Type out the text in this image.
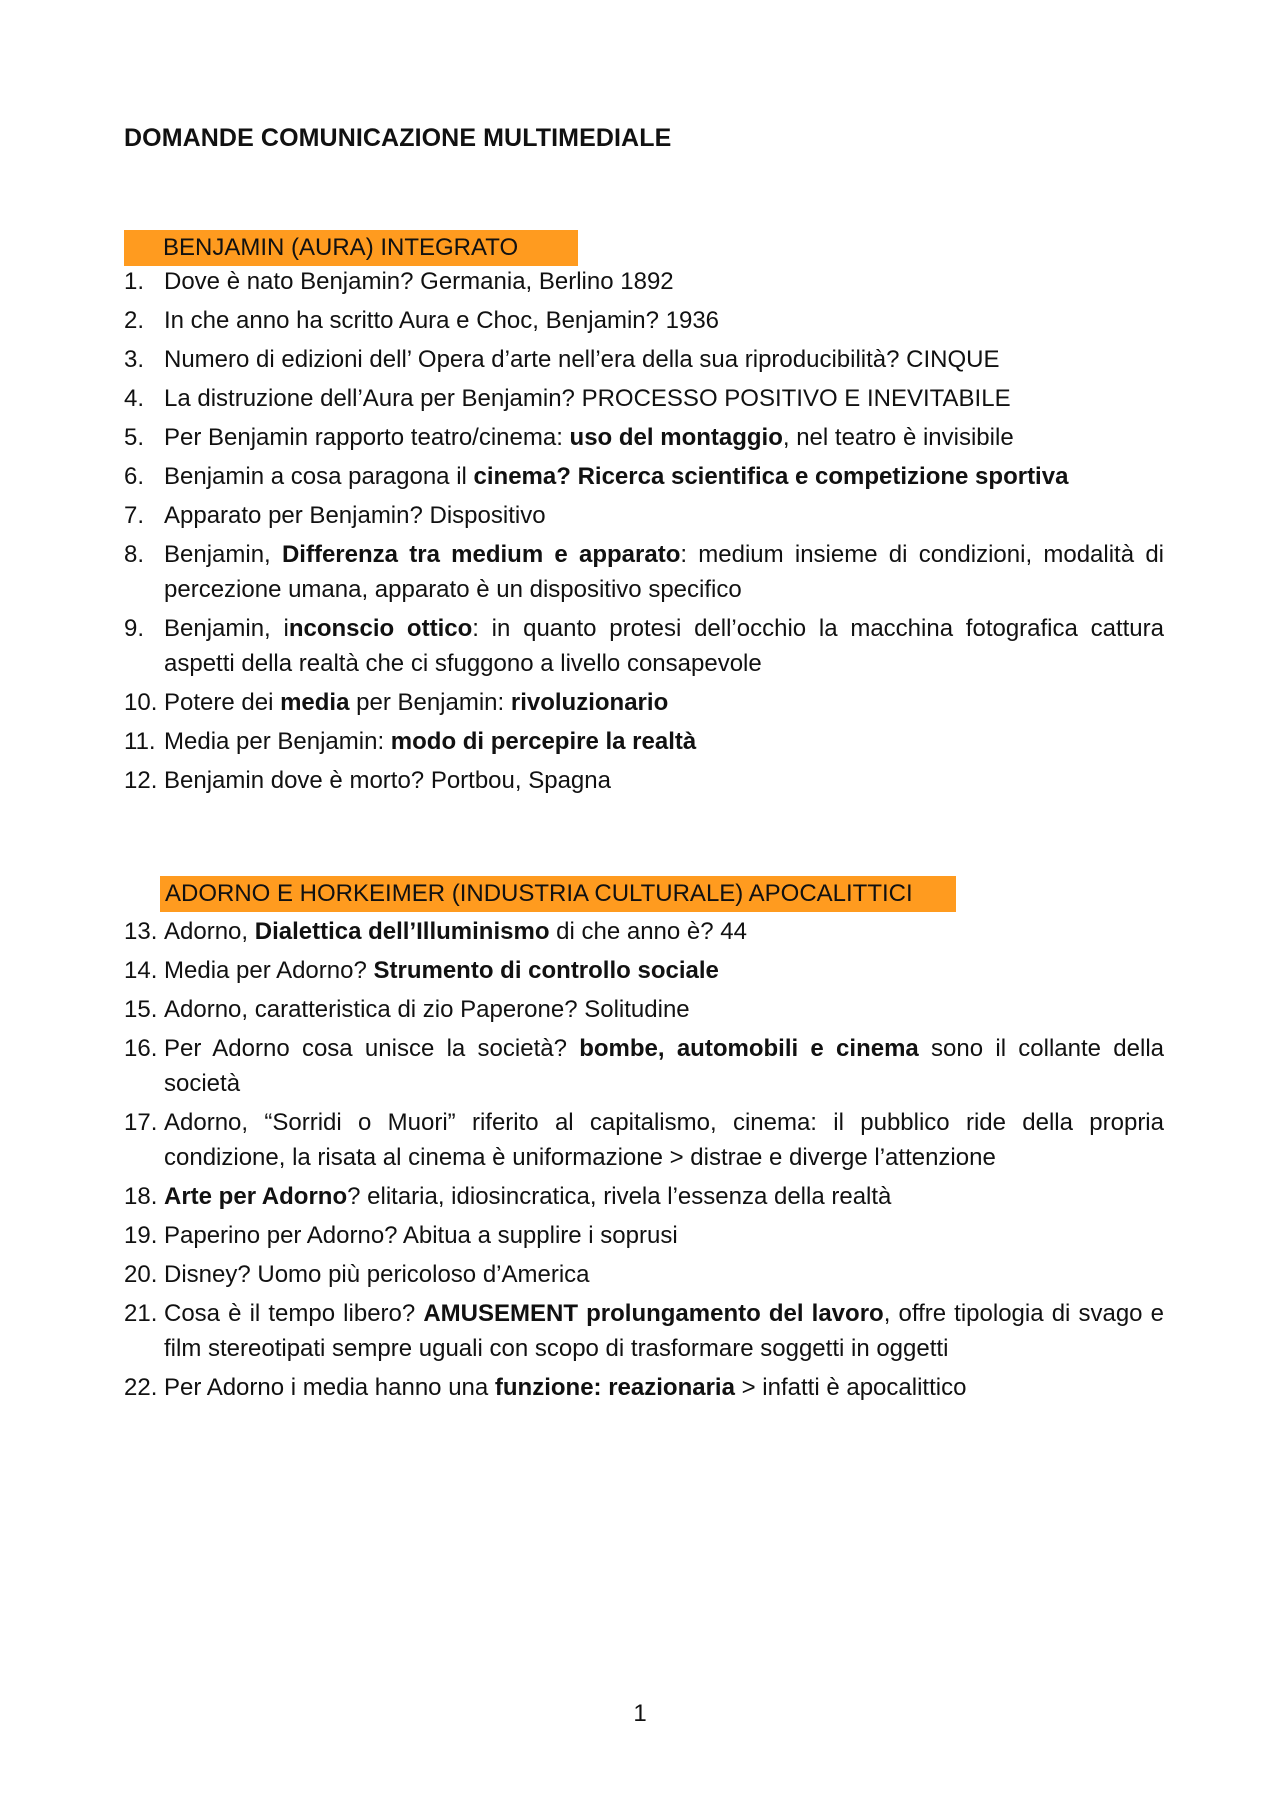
DOMANDE COMUNICAZIONE MULTIMEDIALE
BENJAMIN (AURA) INTEGRATO
1. Dove è nato Benjamin? Germania, Berlino 1892
2. In che anno ha scritto Aura e Choc, Benjamin? 1936
3. Numero di edizioni dell’ Opera d’arte nell’era della sua riproducibilità? CINQUE
4. La distruzione dell’Aura per Benjamin? PROCESSO POSITIVO E INEVITABILE
5. Per Benjamin rapporto teatro/cinema: uso del montaggio, nel teatro è invisibile
6. Benjamin a cosa paragona il cinema? Ricerca scientifica e competizione sportiva
7. Apparato per Benjamin? Dispositivo
8. Benjamin, Differenza tra medium e apparato: medium insieme di condizioni, modalità di percezione umana, apparato è un dispositivo specifico
9. Benjamin, inconscio ottico: in quanto protesi dell’occhio la macchina fotografica cattura aspetti della realtà che ci sfuggono a livello consapevole
10. Potere dei media per Benjamin: rivoluzionario
11. Media per Benjamin: modo di percepire la realtà
12. Benjamin dove è morto? Portbou, Spagna
ADORNO E HORKEIMER (INDUSTRIA CULTURALE) APOCALITTICI
13. Adorno, Dialettica dell’Illuminismo di che anno è? 44
14. Media per Adorno? Strumento di controllo sociale
15. Adorno, caratteristica di zio Paperone? Solitudine
16. Per Adorno cosa unisce la società? bombe, automobili e cinema sono il collante della società
17. Adorno, “Sorridi o Muori” riferito al capitalismo, cinema: il pubblico ride della propria condizione, la risata al cinema è uniformazione > distrae e diverge l’attenzione
18. Arte per Adorno? elitaria, idiosincratica, rivela l’essenza della realtà
19. Paperino per Adorno? Abitua a supplire i soprusi
20. Disney? Uomo più pericoloso d’America
21. Cosa è il tempo libero? AMUSEMENT prolungamento del lavoro, offre tipologia di svago e film stereotipati sempre uguali con scopo di trasformare soggetti in oggetti
22. Per Adorno i media hanno una funzione: reazionaria > infatti è apocalittico
1
